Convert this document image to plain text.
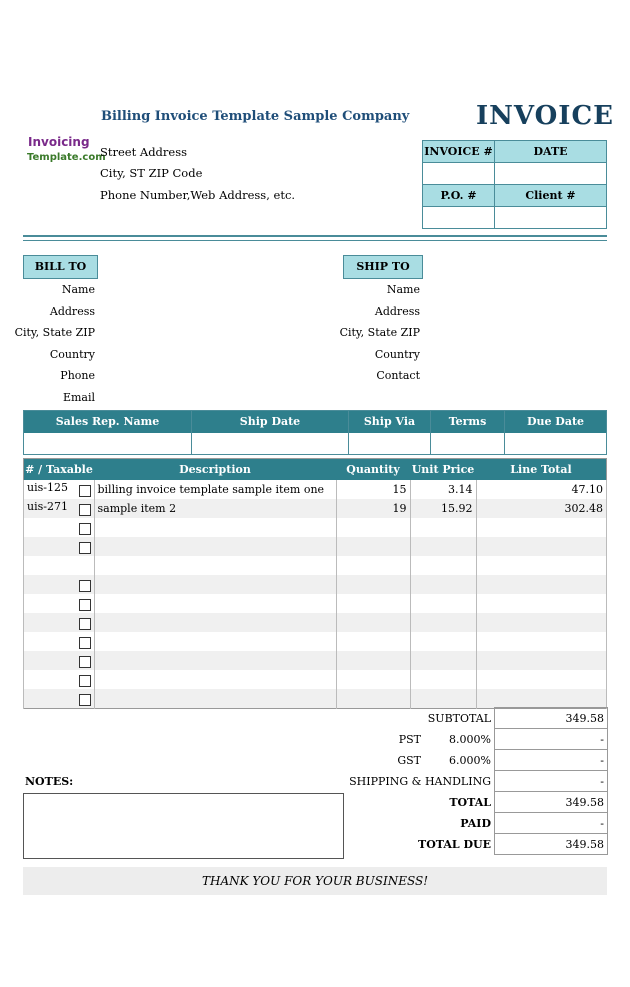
Billing Invoice Template Sample Company	INVOICE
Invoicing
Template.com
Street Address
City, ST ZIP Code
Phone Number,Web Address, etc.
INVOICE #	DATE

P.O. #	Client #

BILL TO	SHIP TO
Name
Address
City, State ZIP
Country
Phone
Email
Name
Address
City, State ZIP
Country
Contact
Sales Rep. Name	Ship Date	Ship Via	Terms	Due Date

# / Taxable	Description	Quantity	Unit Price	Line Total
uis-125	billing invoice template sample item one	15	3.14	47.10
uis-271	sample item 2	19	15.92	302.48

SUBTOTAL		349.58
PST	8.000%	-
GST	6.000%	-
SHIPPING & HANDLING		-
TOTAL		349.58
PAID		-
TOTAL DUE		349.58
NOTES:
THANK YOU FOR YOUR BUSINESS!
